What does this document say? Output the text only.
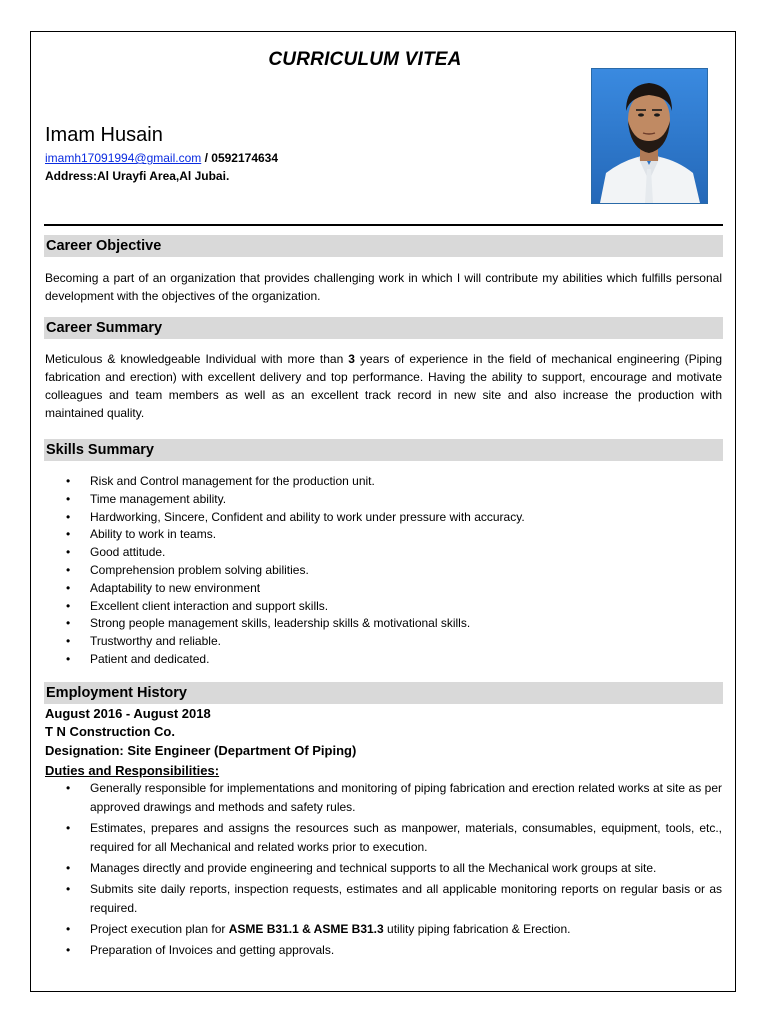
CURRICULUM VITEA
Imam Husain
imamh17091994@gmail.com / 0592174634
Address:Al Urayfi Area,Al Jubai.
Career Objective
Becoming a part of an organization that provides challenging work in which I will contribute my abilities which fulfills personal development with the objectives of the organization.
Career Summary
Meticulous & knowledgeable Individual with more than 3 years of experience in the field of mechanical engineering (Piping fabrication and erection) with excellent delivery and top performance. Having the ability to support, encourage and motivate colleagues and team members as well as an excellent track record in new site and also increase the production with maintained quality.
Skills Summary
• Risk and Control management for the production unit.
• Time management ability.
• Hardworking, Sincere, Confident and ability to work under pressure with accuracy.
• Ability to work in teams.
• Good attitude.
• Comprehension problem solving abilities.
• Adaptability to new environment
• Excellent client interaction and support skills.
• Strong people management skills, leadership skills & motivational skills.
• Trustworthy and reliable.
• Patient and dedicated.
Employment History
August 2016 - August 2018
T N Construction Co.
Designation: Site Engineer (Department Of Piping)
Duties and Responsibilities:
• Generally responsible for implementations and monitoring of piping fabrication and erection related works at site as per approved drawings and methods and safety rules.
• Estimates, prepares and assigns the resources such as manpower, materials, consumables, equipment, tools, etc., required for all Mechanical and related works prior to execution.
• Manages directly and provide engineering and technical supports to all the Mechanical work groups at site.
• Submits site daily reports, inspection requests, estimates and all applicable monitoring reports on regular basis or as required.
• Project execution plan for ASME B31.1 & ASME B31.3 utility piping fabrication & Erection.
• Preparation of Invoices and getting approvals.
